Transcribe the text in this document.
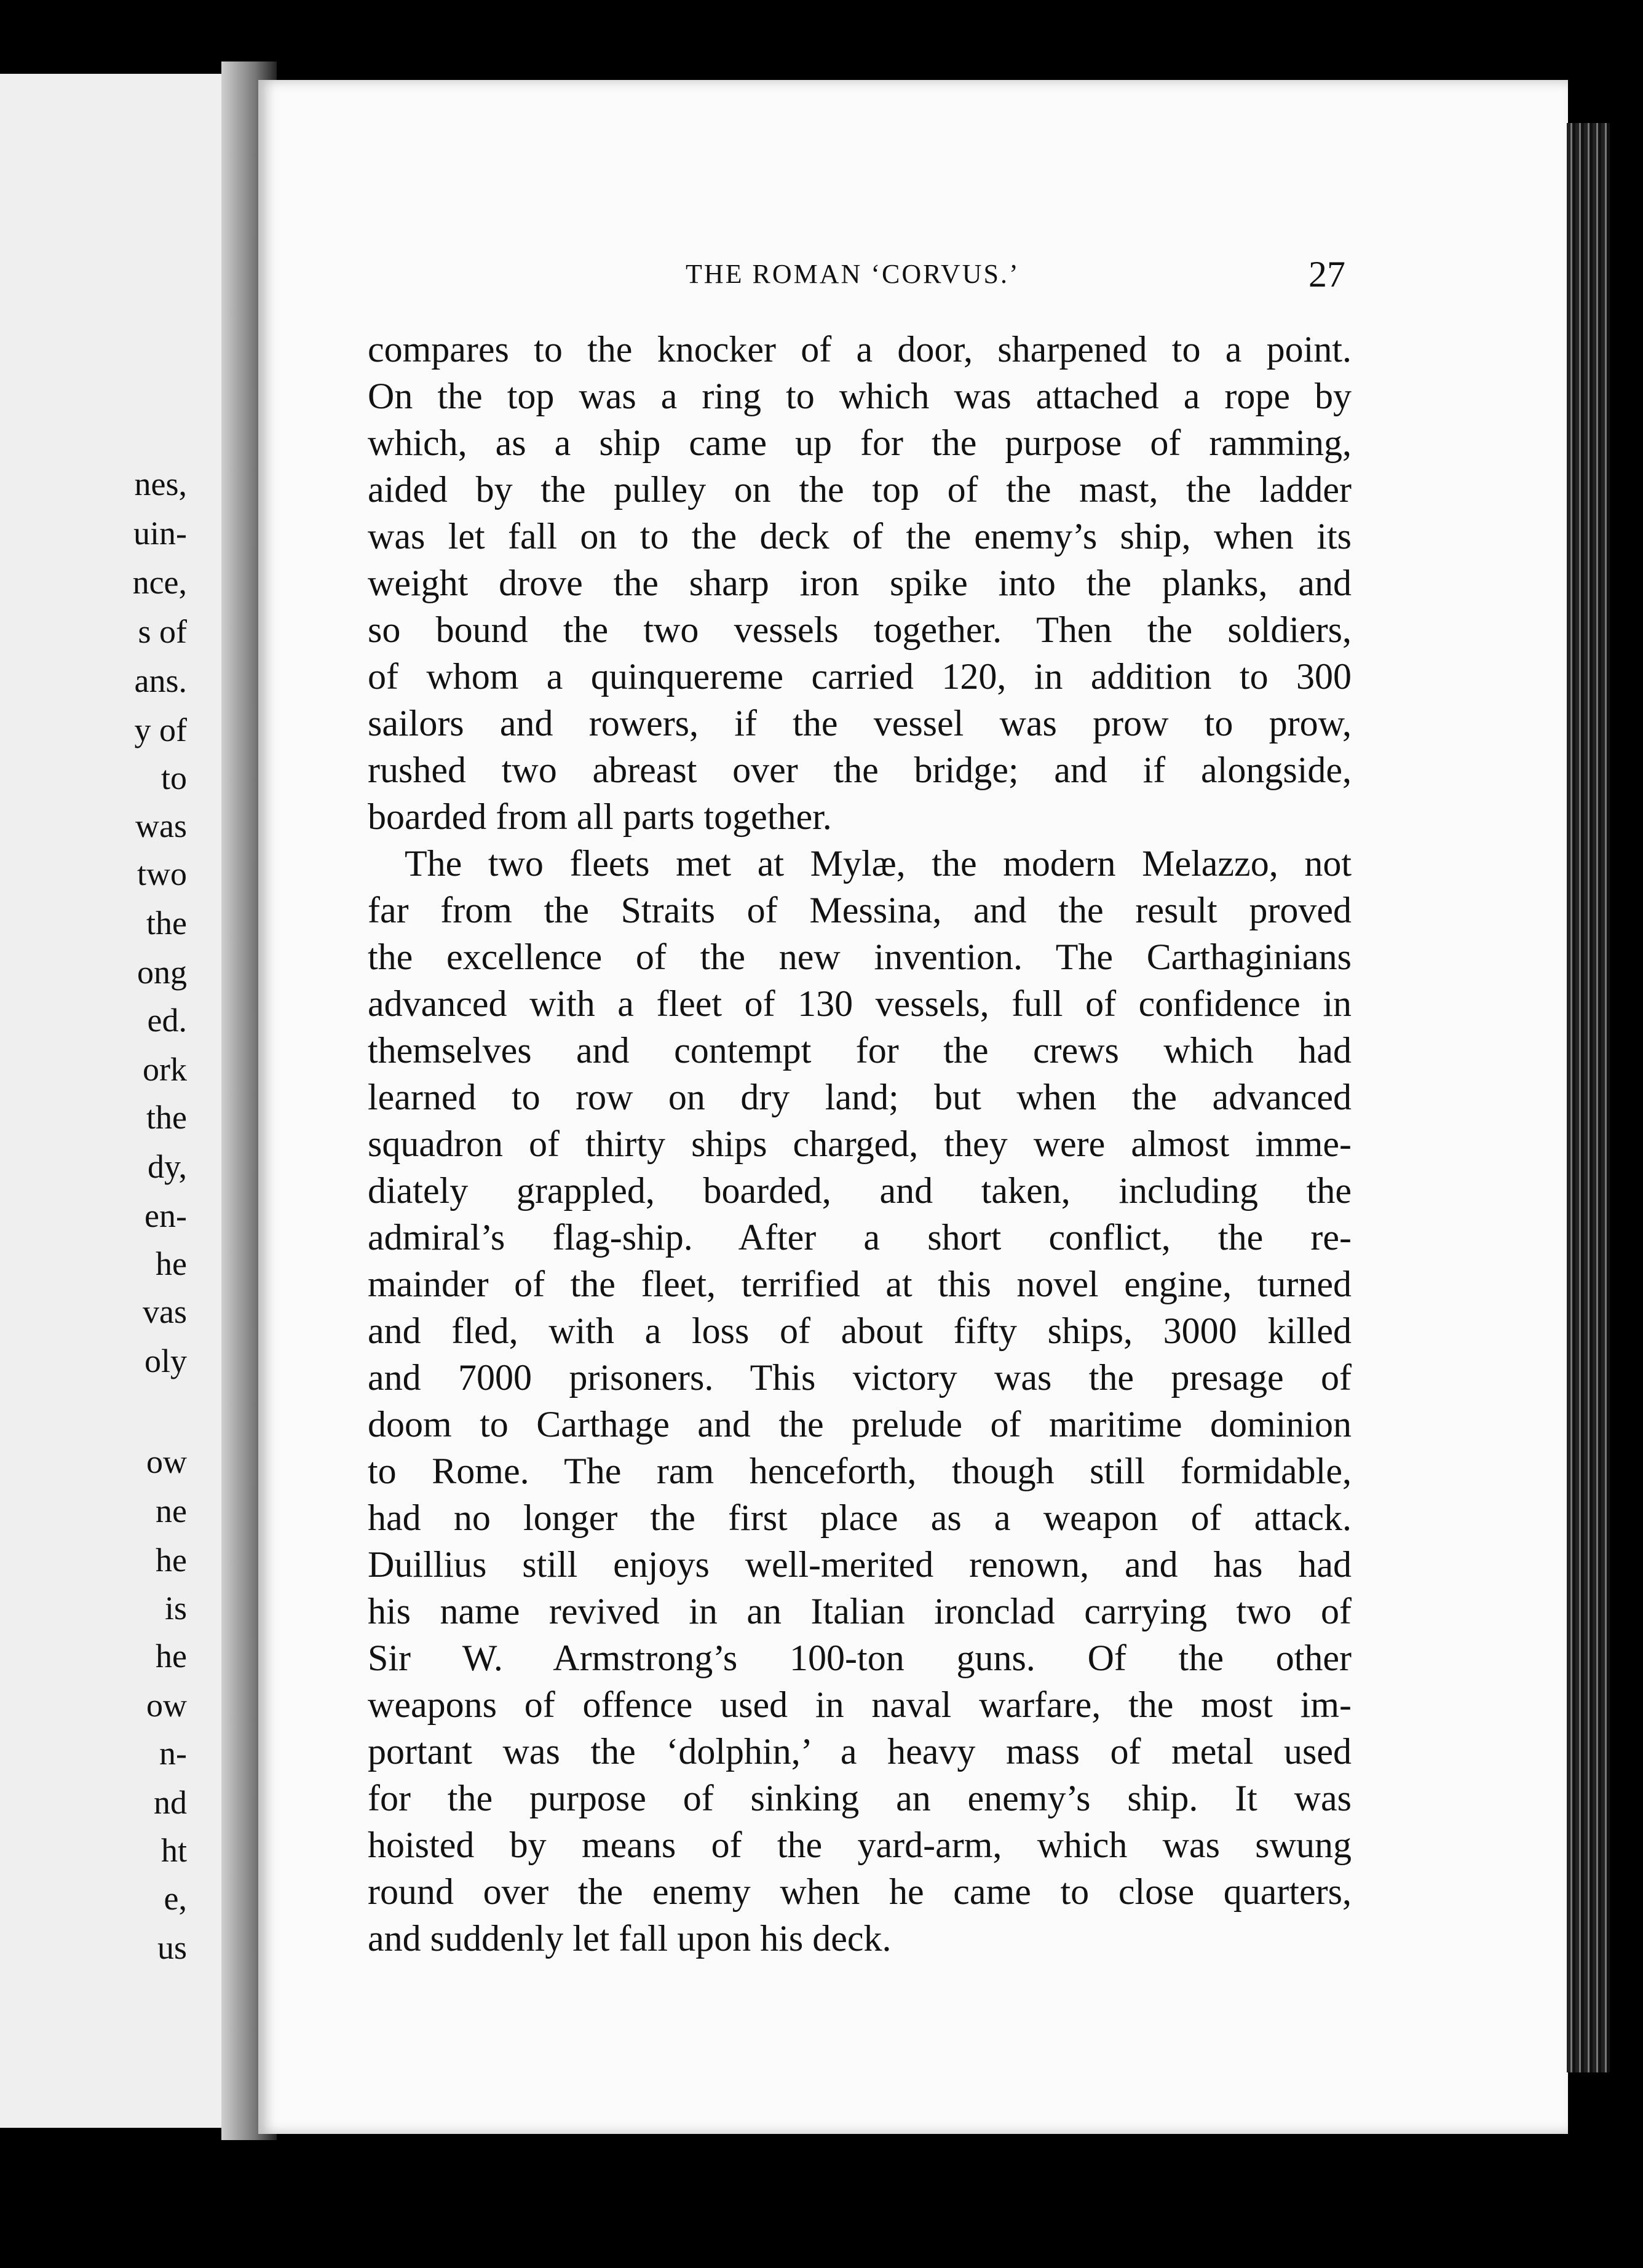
nes,
uin-
nce,
s of
ans.
y of
to
was
two
the
ong
ed.
ork
the
dy,
en-
he
vas
oly
ow
ne
he
is
he
ow
n-
nd
ht
e,
us
THE ROMAN ‘CORVUS.’	27
compares to the knocker of a door, sharpened to a point.
On the top was a ring to which was attached a rope by
which, as a ship came up for the purpose of ramming,
aided by the pulley on the top of the mast, the ladder
was let fall on to the deck of the enemy’s ship, when its
weight drove the sharp iron spike into the planks, and
so bound the two vessels together. Then the soldiers,
of whom a quinquereme carried 120, in addition to 300
sailors and rowers, if the vessel was prow to prow,
rushed two abreast over the bridge; and if alongside,
boarded from all parts together.
The two fleets met at Mylæ, the modern Melazzo, not
far from the Straits of Messina, and the result proved
the excellence of the new invention. The Carthaginians
advanced with a fleet of 130 vessels, full of confidence in
themselves and contempt for the crews which had
learned to row on dry land; but when the advanced
squadron of thirty ships charged, they were almost imme-
diately grappled, boarded, and taken, including the
admiral’s flag-ship. After a short conflict, the re-
mainder of the fleet, terrified at this novel engine, turned
and fled, with a loss of about fifty ships, 3000 killed
and 7000 prisoners. This victory was the presage of
doom to Carthage and the prelude of maritime dominion
to Rome. The ram henceforth, though still formidable,
had no longer the first place as a weapon of attack.
Duillius still enjoys well-merited renown, and has had
his name revived in an Italian ironclad carrying two of
Sir W. Armstrong’s 100-ton guns. Of the other
weapons of offence used in naval warfare, the most im-
portant was the ‘dolphin,’ a heavy mass of metal used
for the purpose of sinking an enemy’s ship. It was
hoisted by means of the yard-arm, which was swung
round over the enemy when he came to close quarters,
and suddenly let fall upon his deck.
